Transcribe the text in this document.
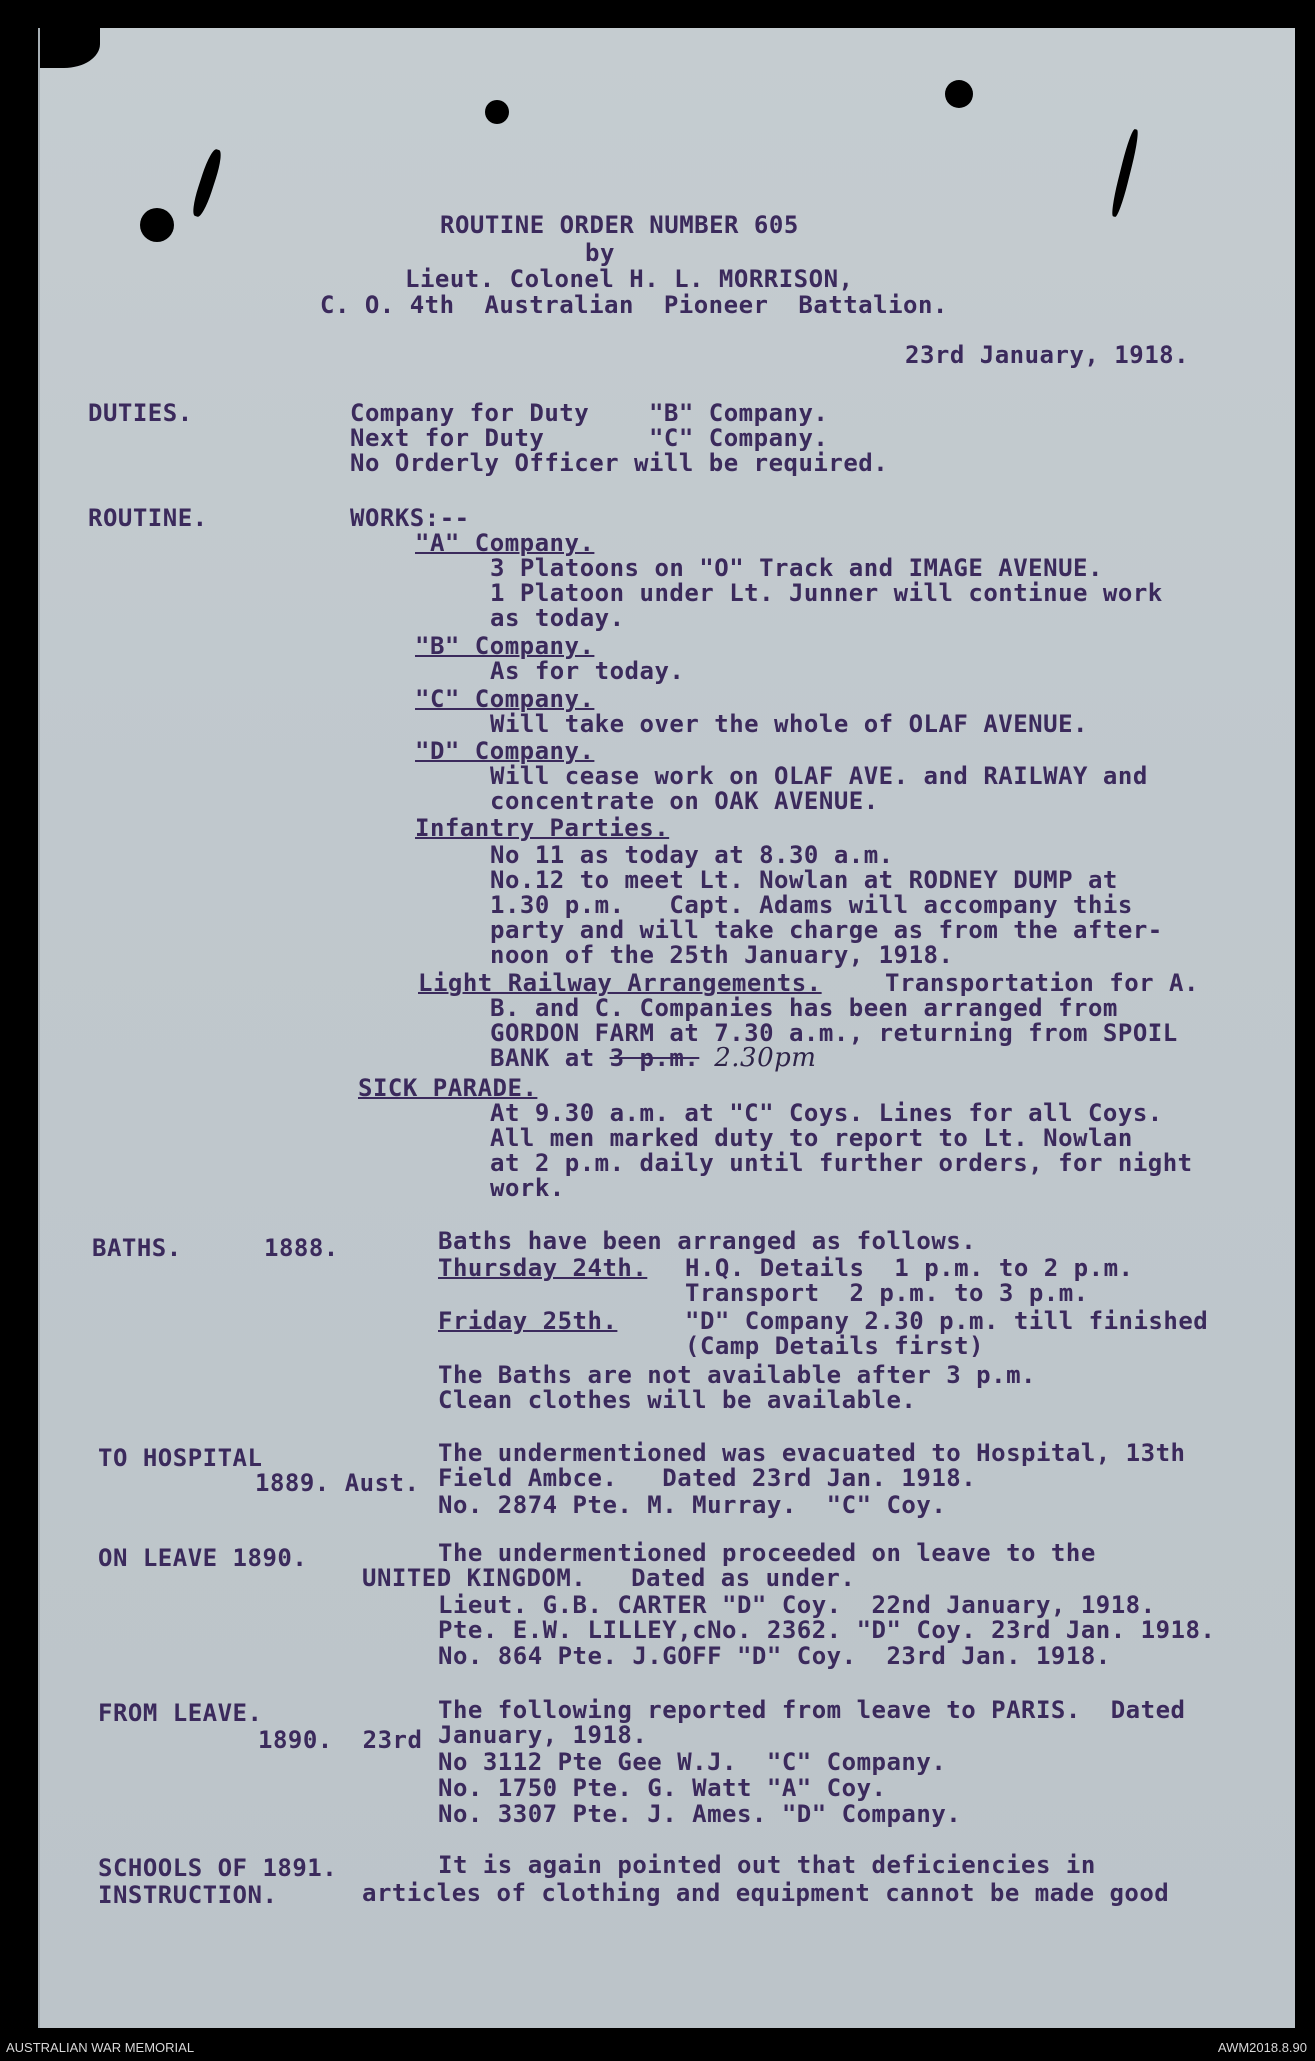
ROUTINE ORDER NUMBER 605
by
Lieut. Colonel H. L. MORRISON,
C. O. 4th  Australian  Pioneer  Battalion.
23rd January, 1918.
DUTIES.	Company for Duty    "B" Company.
Next for Duty       "C" Company.
No Orderly Officer will be required.
ROUTINE.	WORKS:--
"A" Company.
3 Platoons on "O" Track and IMAGE AVENUE.
1 Platoon under Lt. Junner will continue work
as today.
"B" Company.
As for today.
"C" Company.
Will take over the whole of OLAF AVENUE.
"D" Company.
Will cease work on OLAF AVE. and RAILWAY and
concentrate on OAK AVENUE.
Infantry Parties.
No 11 as today at 8.30 a.m.
No.12 to meet Lt. Nowlan at RODNEY DUMP at
1.30 p.m.   Capt. Adams will accompany this
party and will take charge as from the after-
noon of the 25th January, 1918.
Light Railway Arrangements.	Transportation for A.
B. and C. Companies has been arranged from
GORDON FARM at 7.30 a.m., returning from SPOIL
BANK at 3 p.m. 2.30pm
SICK PARADE.
At 9.30 a.m. at "C" Coys. Lines for all Coys.
All men marked duty to report to Lt. Nowlan
at 2 p.m. daily until further orders, for night
work.
BATHS.	1888.	Baths have been arranged as follows.
Thursday 24th. H.Q. Details  1 p.m. to 2 p.m.
Transport  2 p.m. to 3 p.m.
Friday 25th.	"D" Company 2.30 p.m. till finished
(Camp Details first)
The Baths are not available after 3 p.m.
Clean clothes will be available.
TO HOSPITAL
1889. Aust.
The undermentioned was evacuated to Hospital, 13th
Field Ambce.   Dated 23rd Jan. 1918.
No. 2874 Pte. M. Murray.  "C" Coy.
ON LEAVE 1890.	The undermentioned proceeded on leave to the
UNITED KINGDOM.   Dated as under.
Lieut. G.B. CARTER "D" Coy.  22nd January, 1918.
Pte. E.W. LILLEY,cNo. 2362. "D" Coy. 23rd Jan. 1918.
No. 864 Pte. J.GOFF "D" Coy.  23rd Jan. 1918.
FROM LEAVE.
1890.  23rd
The following reported from leave to PARIS.  Dated
January, 1918.
No 3112 Pte Gee W.J.  "C" Company.
No. 1750 Pte. G. Watt "A" Coy.
No. 3307 Pte. J. Ames. "D" Company.
SCHOOLS OF 1891.
INSTRUCTION.
It is again pointed out that deficiencies in
articles of clothing and equipment cannot be made good
AUSTRALIAN WAR MEMORIAL	AWM2018.8.90
